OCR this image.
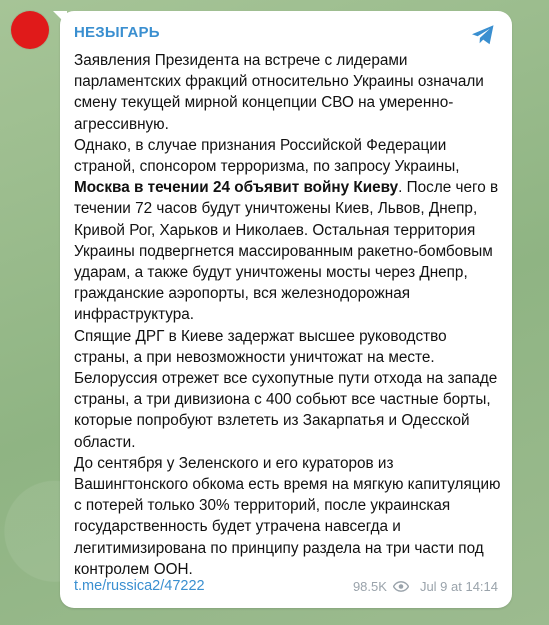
НЕЗЫГАРЬ

Заявления Президента на встрече с лидерами парламентских фракций относительно Украины означали смену текущей мирной концепции СВО на умеренно-агрессивную.

Однако, в случае признания Российской Федерации страной, спонсором терроризма, по запросу Украины, Москва в течении 24 объявит войну Киеву. После чего в течении 72 часов будут уничтожены Киев, Львов, Днепр, Кривой Рог, Харьков и Николаев. Остальная территория Украины подвергнется массированным ракетно-бомбовым ударам, а также будут уничтожены мосты через Днепр, гражданские аэропорты, вся железнодорожная инфраструктура.

Спящие ДРГ в Киеве задержат высшее руководство страны, а при невозможности уничтожат на месте.

Белоруссия отрежет все сухопутные пути отхода на западе страны, а три дивизиона с 400 собьют все частные борты, которые попробуют взлететь из Закарпатья и Одесской области.

До сентября у Зеленского и его кураторов из Вашингтонского обкома есть время на мягкую капитуляцию с потерей только 30% территорий, после украинская государственность будет утрачена навсегда и легитимизирована по принципу раздела на три части под контролем ООН.

t.me/russica2/47222	98.5K	Jul 9 at 14:14
